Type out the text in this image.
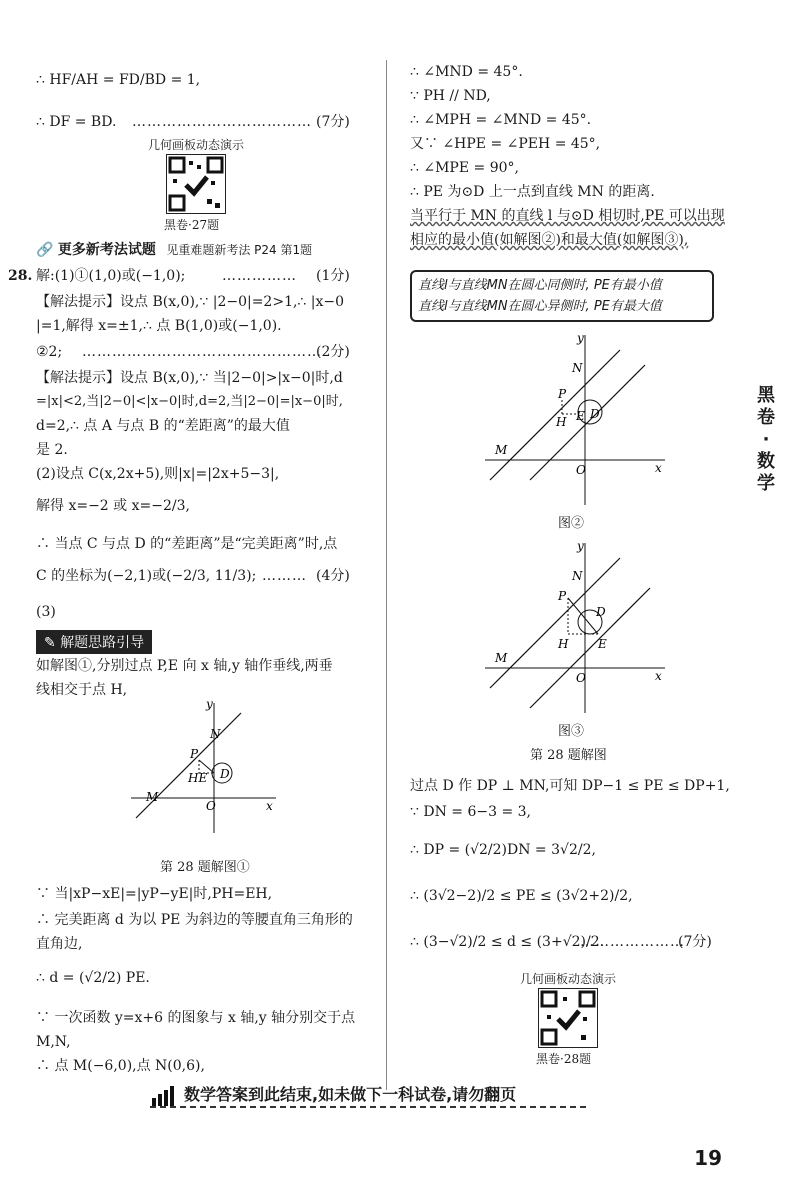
∴ HF/AH = FD/BD = 1,
∴ DF = BD. ……………………………… (7分)
几何画板动态演示
黑卷·27题
🔗 更多新考法试题 见重难题新考法 P24 第1题
28. 解:(1)①(1,0)或(−1,0);	…………… (1分)
【解法提示】设点 B(x,0),∵ |2−0|=2>1,∴ |x−0
|=1,解得 x=±1,∴ 点 B(1,0)或(−1,0).
②2; …………………………………………
(2分)
【解法提示】设点 B(x,0),∵ 当|2−0|>|x−0|时,d
=|x|<2,当|2−0|<|x−0|时,d=2,当|2−0|=|x−0|时,
d=2,∴ 点 A 与点 B 的“差距离”的最大值
是 2.
(2)设点 C(x,2x+5),则|x|=|2x+5−3|,
解得 x=−2 或 x=−2/3,
∴ 当点 C 与点 D 的“差距离”是“完美距离”时,点
C 的坐标为(−2,1)或(−2/3, 11/3); ……… (4分)
(3)
✎ 解题思路引导
如解图①,分别过点 P,E 向 x 轴,y 轴作垂线,两垂
线相交于点 H,
x
y
M
N
P
HE D
O
第 28 题解图①
∵ 当|xP−xE|=|yP−yE|时,PH=EH,
∴ 完美距离 d 为以 PE 为斜边的等腰直角三角形的
直角边,
∴ d = (√2/2) PE.
∵ 一次函数 y=x+6 的图象与 x 轴,y 轴分别交于点
M,N,
∴ 点 M(−6,0),点 N(0,6),
∴ ∠MND = 45°.
∵ PH // ND,
∴ ∠MPH = ∠MND = 45°.
又∵ ∠HPE = ∠PEH = 45°,
∴ ∠MPE = 90°,
∴ PE 为⊙D 上一点到直线 MN 的距离.
当平行于 MN 的直线 l 与⊙D 相切时,PE 可以出现
相应的最小值(如解图②)和最大值(如解图③),
直线l与直线MN在圆心同侧时, PE有最小值
直线l与直线MN在圆心异侧时, PE有最大值
x
y
M
N
P
H E D
O
图②
x
y
M
N
P
H E
D
O
图③
第 28 题解图
过点 D 作 DP ⊥ MN,可知 DP−1 ≤ PE ≤ DP+1,
∵ DN = 6−3 = 3,
∴ DP = (√2/2)DN = 3√2/2,
∴ (3√2−2)/2 ≤ PE ≤ (3√2+2)/2,
∴ (3−√2)/2 ≤ d ≤ (3+√2)/2.
…………………
(7分)
几何画板动态演示
黑卷·28题
黑卷·数学
数学答案到此结束,如未做下一科试卷,请勿翻页
19
